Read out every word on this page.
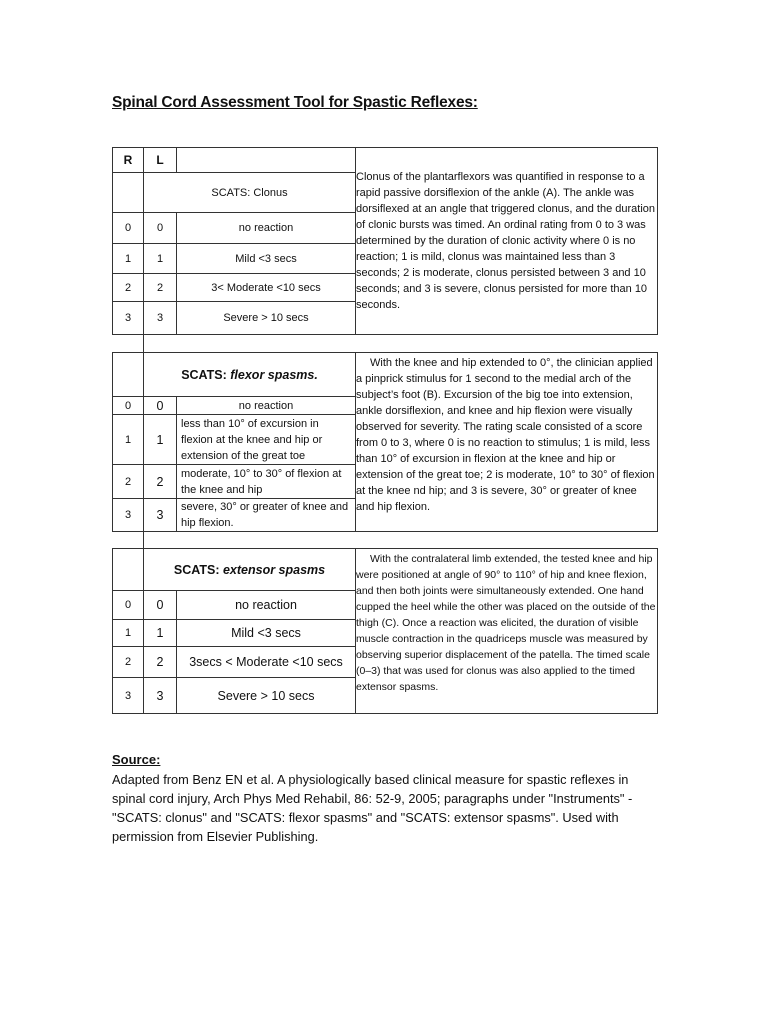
Spinal Cord Assessment Tool for Spastic Reflexes:
R	L		Clonus of the plantarflexors was quantified in response to a rapid passive dorsiflexion of the ankle (A). The ankle was dorsiflexed at an angle that triggered clonus, and the duration of clonic bursts was timed. An ordinal rating from 0 to 3 was determined by the duration of clonic activity where 0 is no reaction; 1 is mild, clonus was maintained less than 3 seconds; 2 is moderate, clonus persisted between 3 and 10 seconds; and 3 is severe, clonus persisted for more than 10 seconds.
	SCATS: Clonus		
0	0	no reaction	
1	1	Mild <3 secs	
2	2	3< Moderate <10 secs	
3	3	Severe > 10 secs	
	SCATS: flexor spasms.		With the knee and hip extended to 0°, the clinician applied a pinprick stimulus for 1 second to the medial arch of the subject’s foot (B). Excursion of the big toe into extension, ankle dorsiflexion, and knee and hip flexion were visually observed for severity. The rating scale consisted of a score from 0 to 3, where 0 is no reaction to stimulus; 1 is mild, less than 10° of excursion in flexion at the knee and hip or extension of the great toe; 2 is moderate, 10° to 30° of flexion at the knee nd hip; and 3 is severe, 30° or greater of knee and hip flexion.
0	0	no reaction	
1	1	less than 10° of excursion in flexion at the knee and hip or extension of the great toe	
2	2	moderate, 10° to 30° of flexion at the knee and hip	
3	3	severe, 30° or greater of knee and hip flexion.	
	SCATS: extensor spasms		With the contralateral limb extended, the tested knee and hip were positioned at angle of 90° to 110° of hip and knee flexion, and then both joints were simultaneously extended. One hand cupped the heel while the other was placed on the outside of the thigh (C). Once a reaction was elicited, the duration of visible muscle contraction in the quadriceps muscle was measured by observing superior displacement of the patella. The timed scale (0–3) that was used for clonus was also applied to the timed extensor spasms.
0	0	no reaction	
1	1	Mild <3 secs	
2	2	3secs < Moderate <10 secs	
3	3	Severe > 10 secs	
Source:
Adapted from Benz EN et al. A physiologically based clinical measure for spastic reflexes in spinal cord injury, Arch Phys Med Rehabil, 86: 52-9, 2005; paragraphs under "Instruments" - "SCATS: clonus" and "SCATS: flexor spasms" and "SCATS: extensor spasms". Used with permission from Elsevier Publishing.
